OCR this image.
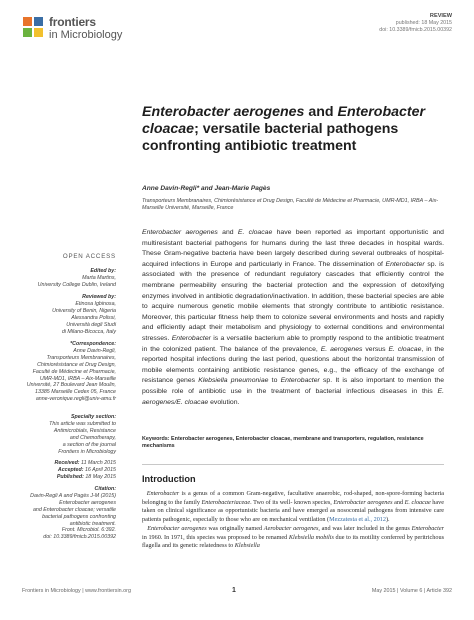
frontiers
in Microbiology
REVIEW
published: 18 May 2015
doi: 10.3389/fmicb.2015.00392
Enterobacter aerogenes and Enterobacter cloacae; versatile bacterial pathogens confronting antibiotic treatment
Anne Davin-Regli* and Jean-Marie Pagès
Transporteurs Membranaires, Chimiorésistance et Drug Design, Faculté de Médecine et Pharmacie, UMR-MD1, IRBA – Aix-Marseille Université, Marseille, France
Enterobacter aerogenes and E. cloacae have been reported as important opportunistic and multiresistant bacterial pathogens for humans during the last three decades in hospital wards. These Gram-negative bacteria have been largely described during several outbreaks of hospital-acquired infections in Europe and particularly in France. The dissemination of Enterobacter sp. is associated with the presence of redundant regulatory cascades that efficiently control the membrane permeability ensuring the bacterial protection and the expression of detoxifying enzymes involved in antibiotic degradation/inactivation. In addition, these bacterial species are able to acquire numerous genetic mobile elements that strongly contribute to antibiotic resistance. Moreover, this particular fitness help them to colonize several environments and hosts and rapidly and efficiently adapt their metabolism and physiology to external conditions and environmental stresses. Enterobacter is a versatile bacterium able to promptly respond to the antibiotic treatment in the colonized patient. The balance of the prevalence, E. aerogenes versus E. cloacae, in the reported hospital infections during the last period, questions about the horizontal transmission of mobile elements containing antibiotic resistance genes, e.g., the efficacy of the exchange of resistance genes Klebsiella pneumoniae to Enterobacter sp. It is also important to mention the possible role of antibiotic use in the treatment of bacterial infectious diseases in this E. aerogenes/E. cloacae evolution.
Keywords: Enterobacter aerogenes, Enterobacter cloacae, membrane and transporters, regulation, resistance mechanisms
Introduction
Enterobacter is a genus of a common Gram-negative, facultative anaerobic, rod-shaped, non-spore-forming bacteria belonging to the family Enterobacteriaceae. Two of its well- known species, Enterobacter aerogenes and E. cloacae have taken on clinical significance as opportunistic bacteria and have emerged as nosocomial pathogens from intensive care patients pathogenic, especially to those who are on mechanical ventilation (Mezzatesta et al., 2012).
Enterobacter aerogenes was originally named Aerobacter aerogenes, and was later included in the genus Enterobacter in 1960. In 1971, this species was proposed to be renamed Klebsiella mobilis due to its motility conferred by peritrichous flagella and its genetic relatedness to Klebsiella
OPEN ACCESS
Edited by:
Marta Martins,
University College Dublin, Ireland
Reviewed by:
Etinosa Igbinosa,
University of Benin, Nigeria
Alessandra Polissi,
Università degli Studi
di Milano-Bicocca, Italy
*Correspondence:
Anne Davin-Regli,
Transporteurs Membranaires,
Chimiorésistance et Drug Design,
Faculté de Médecine et Pharmacie,
UMR-MD1, IRBA – Aix-Marseille
Université, 27 Boulevard Jean Moulin,
13385 Marseille Cedex 05, France
anne-veronique.regli@univ-amu.fr
Specialty section:
This article was submitted to
Antimicrobials, Resistance
and Chemotherapy,
a section of the journal
Frontiers in Microbiology
Received: 11 March 2015
Accepted: 16 April 2015
Published: 18 May 2015
Citation:
Davin-Regli A and Pagès J-M (2015)
Enterobacter aerogenes
and Enterobacter cloacae; versatile
bacterial pathogens confronting
antibiotic treatment.
Front. Microbiol. 6:392.
doi: 10.3389/fmicb.2015.00392
Frontiers in Microbiology | www.frontiersin.org	1	May 2015 | Volume 6 | Article 392
